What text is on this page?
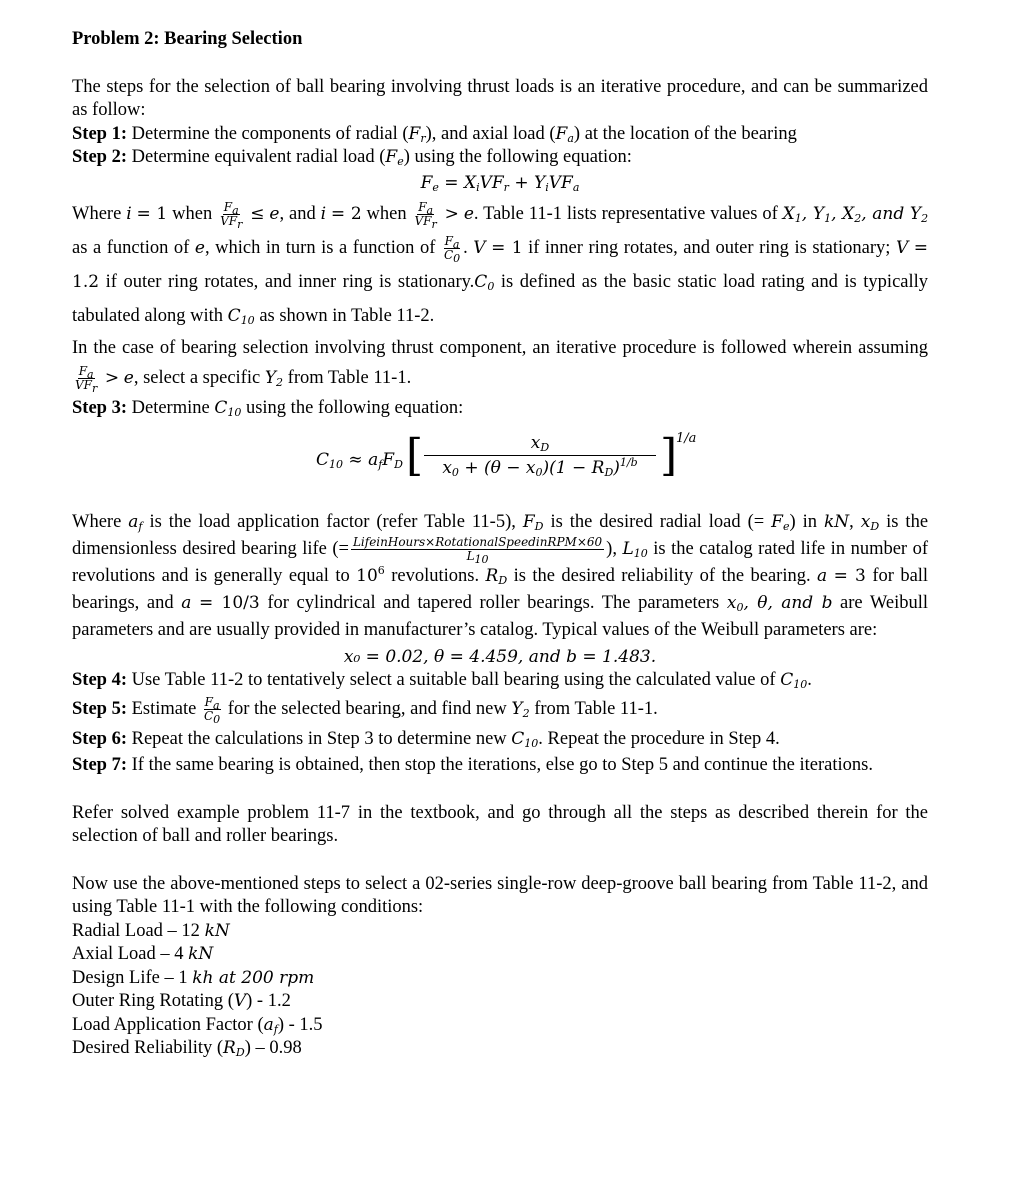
Problem 2: Bearing Selection

The steps for the selection of ball bearing involving thrust loads is an iterative procedure, and can be summarized as follow:

Step 1: Determine the components of radial $(F_r)$, and axial load $(F_a)$ at the location of the bearing

Step 2: Determine equivalent radial load $(F_e)$ using the following equation:

$F_e = X_iVF_r + Y_iVF_a$

Where i = 1 when $\frac{F_a}{VF_r} \le e$, and i = 2 when $\frac{F_a}{VF_r} > e$. Table 11-1 lists representative values of $X_1$, $Y_1$, $X_2$, and $Y_2$ as a function of e, which in turn is a function of $\frac{F_a}{C_0}$ . V = 1 if inner ring rotates, and outer ring is stationary; V = 1.2 if outer ring rotates, and inner ring is $stationary.C_0$ is defined as the basic static load rating and is typically tabulated along with $C_{10}$ as shown in Table 11-2.

In the case of bearing selection involving thrust component, an iterative procedure is followed wherein assuming
$\frac{F_a}{VF_r} > e$, select a specific $Y_2$ from Table 11-1.

Step 3: Determine $C_{10}$ using the following equation:

$C_{10} \approx a_fF_D$ [ $\frac{x_D}{x_0 + (\theta - x_0)(1 - R_D)^{1/b}}$ ]
1/a

Where $a_f$ is the load application factor (refer Table 11-5), $F_D$ is the desired radial load (= $F_e$) in kN, $x_D$ is the dimensionless desired bearing life (= $\frac{\text{LifeinHours×RotationalSpeedinRPM×60}}{L_{10}}$ ), $L_{10}$ is the catalog rated life in number of revolutions and is generally equal to $10^6$ revolutions. $R_D$ is the desired reliability of the bearing. a = 3 for ball bearings, and a = 10/3 for cylindrical and tapered roller bearings. The parameters $x_0$, θ, and b are Weibull parameters and are usually provided in manufacturer’s catalog. Typical values of the Weibull parameters are:

x₀ = 0.02, θ = 4.459, and b = 1.483.

Step 4: Use Table 11-2 to tentatively select a suitable ball bearing using the calculated value of $C_{10}$.

Step 5: Estimate $\frac{F_a}{C_0}$ for the selected bearing, and find new $Y_2$ from Table 11-1.

Step 6: Repeat the calculations in Step 3 to determine new $C_{10}$. Repeat the procedure in Step 4.

Step 7: If the same bearing is obtained, then stop the iterations, else go to Step 5 and continue the iterations.

Refer solved example problem 11-7 in the textbook, and go through all the steps as described therein for the selection of ball and roller bearings.

Now use the above-mentioned steps to select a 02-series single-row deep-groove ball bearing from Table 11-2, and using Table 11-1 with the following conditions:

Radial Load – 12 kN
Axial Load – 4 kN
Design Life – 1 kh at 200 rpm
Outer Ring Rotating (V) - 1.2
Load Application Factor $(a_f) - 1.5$
Desired Reliability $(R_D) - 0.98$
